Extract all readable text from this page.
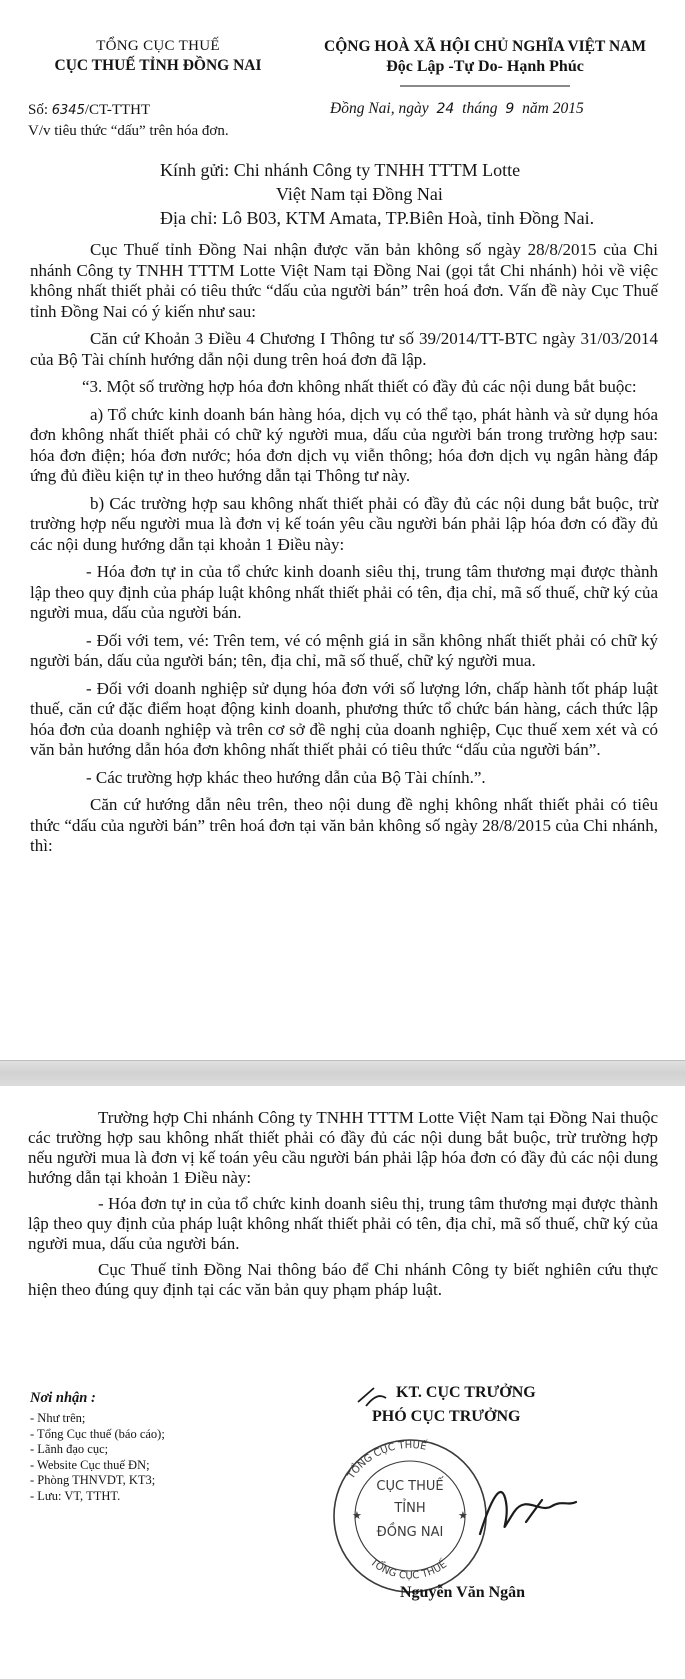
TỔNG CỤC THUẾ
CỤC THUẾ TỈNH ĐỒNG NAI
CỘNG HOÀ XÃ HỘI CHỦ NGHĨA VIỆT NAM
Độc Lập -Tự Do- Hạnh Phúc
Số: 6345/CT-TTHT
V/v tiêu thức “dấu” trên hóa đơn.
Đồng Nai, ngày 24 tháng 9 năm 2015
Kính gửi: Chi nhánh Công ty TNHH TTTM Lotte
Việt Nam tại Đồng Nai
Địa chỉ: Lô B03, KTM Amata, TP.Biên Hoà, tỉnh Đồng Nai.

Cục Thuế tỉnh Đồng Nai nhận được văn bản không số ngày 28/8/2015 của Chi nhánh Công ty TNHH TTTM Lotte Việt Nam tại Đồng Nai (gọi tắt Chi nhánh) hỏi về việc không nhất thiết phải có tiêu thức “dấu của người bán” trên hoá đơn. Vấn đề này Cục Thuế tỉnh Đồng Nai có ý kiến như sau:

Căn cứ Khoản 3 Điều 4 Chương I Thông tư số 39/2014/TT-BTC ngày 31/03/2014 của Bộ Tài chính hướng dẫn nội dung trên hoá đơn đã lập.

“3. Một số trường hợp hóa đơn không nhất thiết có đầy đủ các nội dung bắt buộc:

a) Tổ chức kinh doanh bán hàng hóa, dịch vụ có thể tạo, phát hành và sử dụng hóa đơn không nhất thiết phải có chữ ký người mua, dấu của người bán trong trường hợp sau: hóa đơn điện; hóa đơn nước; hóa đơn dịch vụ viễn thông; hóa đơn dịch vụ ngân hàng đáp ứng đủ điều kiện tự in theo hướng dẫn tại Thông tư này.

b) Các trường hợp sau không nhất thiết phải có đầy đủ các nội dung bắt buộc, trừ trường hợp nếu người mua là đơn vị kế toán yêu cầu người bán phải lập hóa đơn có đầy đủ các nội dung hướng dẫn tại khoản 1 Điều này:

- Hóa đơn tự in của tổ chức kinh doanh siêu thị, trung tâm thương mại được thành lập theo quy định của pháp luật không nhất thiết phải có tên, địa chỉ, mã số thuế, chữ ký của người mua, dấu của người bán.

- Đối với tem, vé: Trên tem, vé có mệnh giá in sẵn không nhất thiết phải có chữ ký người bán, dấu của người bán; tên, địa chỉ, mã số thuế, chữ ký người mua.

- Đối với doanh nghiệp sử dụng hóa đơn với số lượng lớn, chấp hành tốt pháp luật thuế, căn cứ đặc điểm hoạt động kinh doanh, phương thức tổ chức bán hàng, cách thức lập hóa đơn của doanh nghiệp và trên cơ sở đề nghị của doanh nghiệp, Cục thuế xem xét và có văn bản hướng dẫn hóa đơn không nhất thiết phải có tiêu thức “dấu của người bán”.

- Các trường hợp khác theo hướng dẫn của Bộ Tài chính.”.

Căn cứ hướng dẫn nêu trên, theo nội dung đề nghị không nhất thiết phải có tiêu thức “dấu của người bán” trên hoá đơn tại văn bản không số ngày 28/8/2015 của Chi nhánh, thì:

Trường hợp Chi nhánh Công ty TNHH TTTM Lotte Việt Nam tại Đồng Nai thuộc các trường hợp sau không nhất thiết phải có đầy đủ các nội dung bắt buộc, trừ trường hợp nếu người mua là đơn vị kế toán yêu cầu người bán phải lập hóa đơn có đầy đủ các nội dung hướng dẫn tại khoản 1 Điều này:

- Hóa đơn tự in của tổ chức kinh doanh siêu thị, trung tâm thương mại được thành lập theo quy định của pháp luật không nhất thiết phải có tên, địa chỉ, mã số thuế, chữ ký của người mua, dấu của người bán.

Cục Thuế tỉnh Đồng Nai thông báo để Chi nhánh Công ty biết nghiên cứu thực hiện theo đúng quy định tại các văn bản quy phạm pháp luật.

Nơi nhận :
- Như trên;
- Tổng Cục thuế (báo cáo);
- Lãnh đạo cục;
- Website Cục thuế ĐN;
- Phòng THNVDT, KT3;
- Lưu: VT, TTHT.
TỔNG CỤC THUẾ
TỔNG CỤC THUẾ
CỤC THUẾ
TỈNH
ĐỒNG NAI
★	★
KT. CỤC TRƯỞNG
PHÓ CỤC TRƯỞNG
Nguyễn Văn Ngân
